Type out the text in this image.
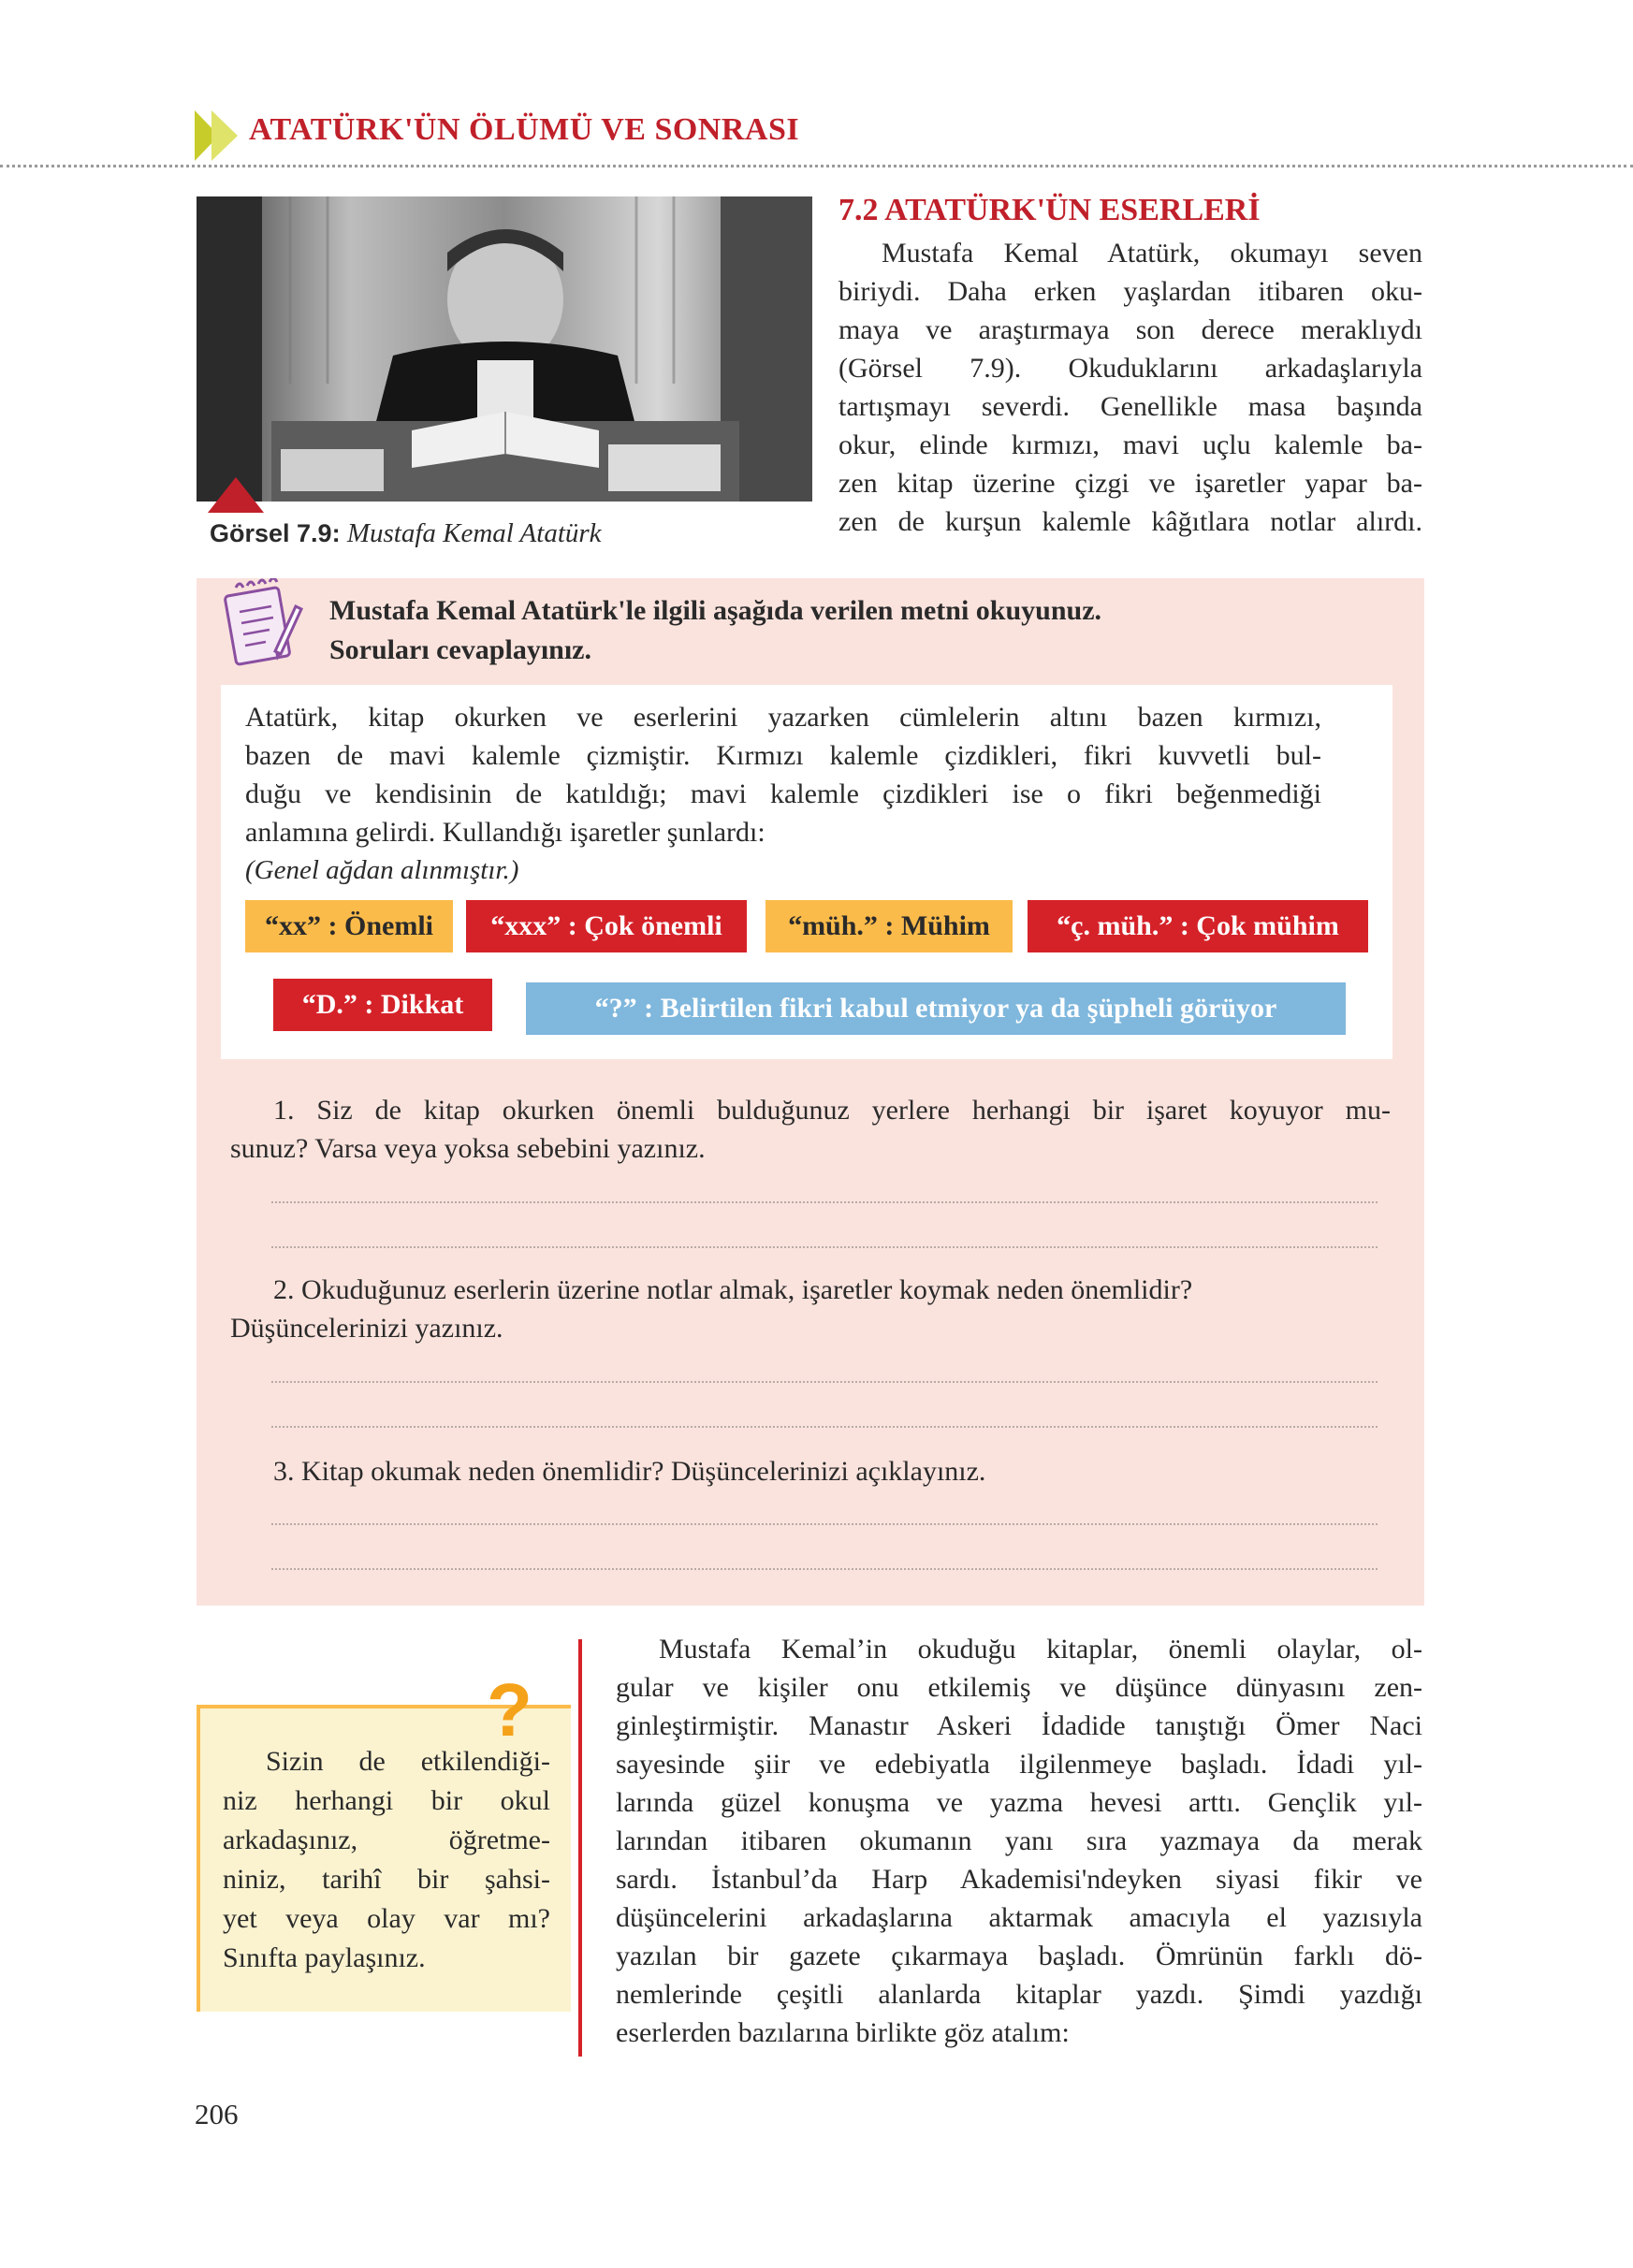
ATATÜRK'ÜN ÖLÜMÜ VE SONRASI
Görsel 7.9: Mustafa Kemal Atatürk
7.2 ATATÜRK'ÜN ESERLERİ

Mustafa Kemal Atatürk, okumayı seven
biriydi. Daha erken yaşlardan itibaren oku-
maya ve araştırmaya son derece meraklıydı
(Görsel 7.9). Okuduklarını arkadaşlarıyla
tartışmayı severdi. Genellikle masa başında
okur, elinde kırmızı, mavi uçlu kalemle ba-
zen kitap üzerine çizgi ve işaretler yapar ba-
zen de kurşun kalemle kâğıtlara notlar alırdı.

Mustafa Kemal Atatürk'le ilgili aşağıda verilen metni okuyunuz.
Soruları cevaplayınız.

Atatürk, kitap okurken ve eserlerini yazarken cümlelerin altını bazen kırmızı,
bazen de mavi kalemle çizmiştir. Kırmızı kalemle çizdikleri, fikri kuvvetli bul-
duğu ve kendisinin de katıldığı; mavi kalemle çizdikleri ise o fikri beğenmediği
anlamına gelirdi. Kullandığı işaretler şunlardı:
(Genel ağdan alınmıştır.)

“xx” : Önemli	“xxx” : Çok önemli	“müh.” : Mühim	“ç. müh.” : Çok mühim
“D.” : Dikkat	“?” : Belirtilen fikri kabul etmiyor ya da şüpheli görüyor

1. Siz de kitap okurken önemli bulduğunuz yerlere herhangi bir işaret koyuyor mu-
sunuz? Varsa veya yoksa sebebini yazınız.

2. Okuduğunuz eserlerin üzerine notlar almak, işaretler koymak neden önemlidir?
Düşüncelerinizi yazınız.

3. Kitap okumak neden önemlidir? Düşüncelerinizi açıklayınız.

?

Sizin de etkilendiği-
niz herhangi bir okul
arkadaşınız, öğretme-
niniz, tarihî bir şahsi-
yet veya olay var mı?
Sınıfta paylaşınız.

Mustafa Kemal’in okuduğu kitaplar, önemli olaylar, ol-
gular ve kişiler onu etkilemiş ve düşünce dünyasını zen-
ginleştirmiştir. Manastır Askeri İdadide tanıştığı Ömer Naci
sayesinde şiir ve edebiyatla ilgilenmeye başladı. İdadi yıl-
larında güzel konuşma ve yazma hevesi arttı. Gençlik yıl-
larından itibaren okumanın yanı sıra yazmaya da merak
sardı. İstanbul’da Harp Akademisi'ndeyken siyasi fikir ve
düşüncelerini arkadaşlarına aktarmak amacıyla el yazısıyla
yazılan bir gazete çıkarmaya başladı. Ömrünün farklı dö-
nemlerinde çeşitli alanlarda kitaplar yazdı. Şimdi yazdığı
eserlerden bazılarına birlikte göz atalım:

206
